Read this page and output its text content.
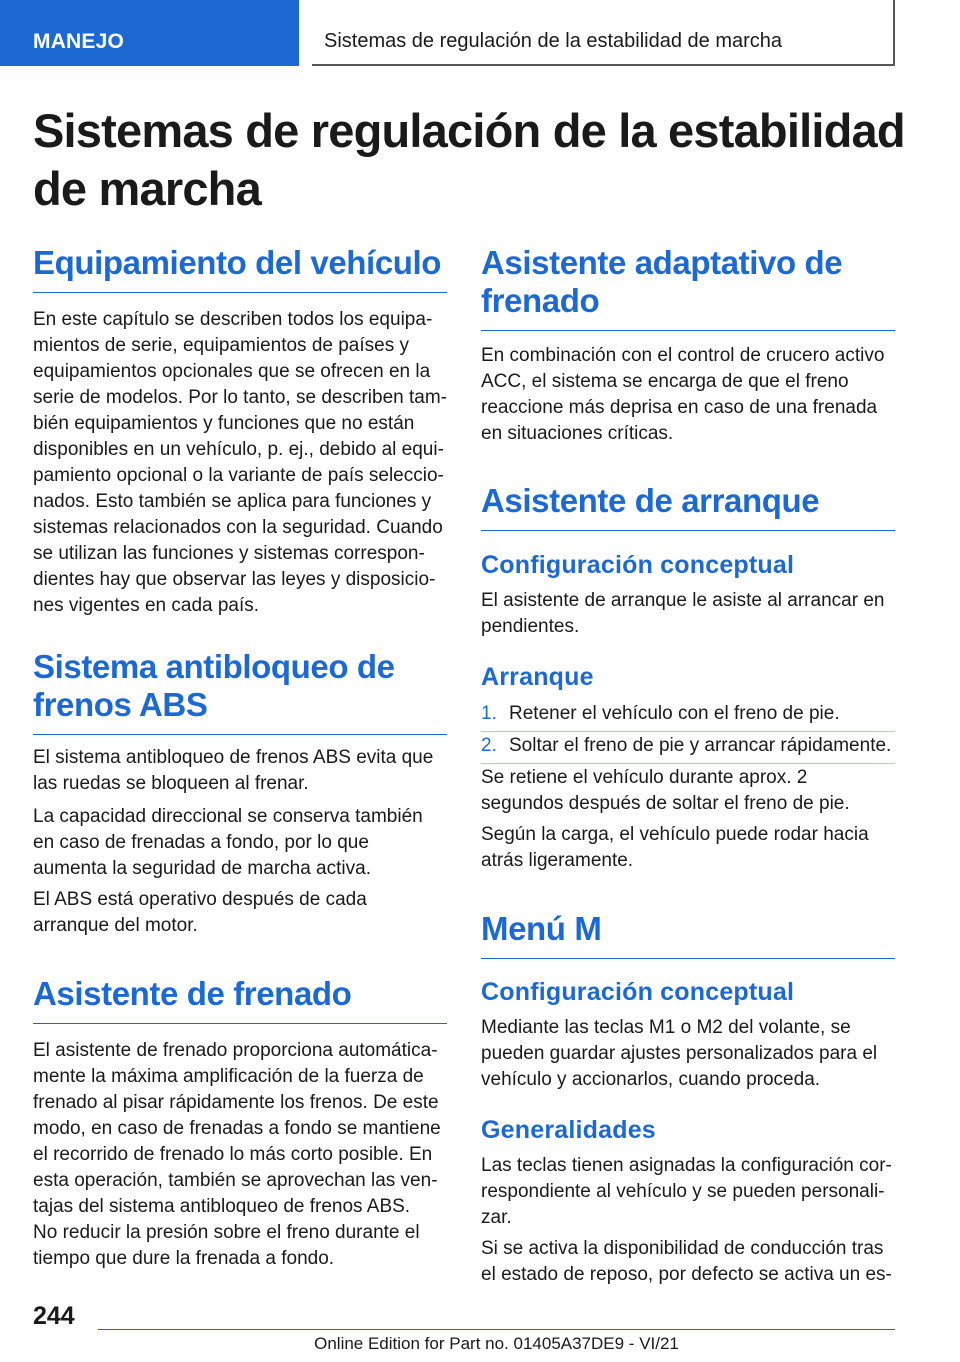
MANEJO	Sistemas de regulación de la estabilidad de marcha
Sistemas de regulación de la estabilidad de marcha
Equipamiento del vehículo

En este capítulo se describen todos los equipamientos de serie, equipamientos de países y equipamientos opcionales que se ofrecen en la serie de modelos. Por lo tanto, se describen también equipamientos y funciones que no están disponibles en un vehículo, p. ej., debido al equipamiento opcional o la variante de país seleccionados. Esto también se aplica para funciones y sistemas relacionados con la seguridad. Cuando se utilizan las funciones y sistemas correspondientes hay que observar las leyes y disposiciones vigentes en cada país.

Sistema antibloqueo de frenos ABS

El sistema antibloqueo de frenos ABS evita que las ruedas se bloqueen al frenar.

La capacidad direccional se conserva también en caso de frenadas a fondo, por lo que aumenta la seguridad de marcha activa.

El ABS está operativo después de cada arranque del motor.

Asistente de frenado

El asistente de frenado proporciona automáticamente la máxima amplificación de la fuerza de frenado al pisar rápidamente los frenos. De este modo, en caso de frenadas a fondo se mantiene el recorrido de frenado lo más corto posible. En esta operación, también se aprovechan las ventajas del sistema antibloqueo de frenos ABS.

No reducir la presión sobre el freno durante el tiempo que dure la frenada a fondo.

Asistente adaptativo de frenado

En combinación con el control de crucero activo ACC, el sistema se encarga de que el freno reaccione más deprisa en caso de una frenada en situaciones críticas.

Asistente de arranque
Configuración conceptual

El asistente de arranque le asiste al arrancar en pendientes.

Arranque
1. Retener el vehículo con el freno de pie.
2. Soltar el freno de pie y arrancar rápidamente.

Se retiene el vehículo durante aprox. 2 segundos después de soltar el freno de pie.

Según la carga, el vehículo puede rodar hacia atrás ligeramente.

Menú M
Configuración conceptual

Mediante las teclas M1 o M2 del volante, se pueden guardar ajustes personalizados para el vehículo y accionarlos, cuando proceda.

Generalidades

Las teclas tienen asignadas la configuración correspondiente al vehículo y se pueden personalizar.

Si se activa la disponibilidad de conducción tras el estado de reposo, por defecto se activa un es-

244
Online Edition for Part no. 01405A37DE9 - VI/21
